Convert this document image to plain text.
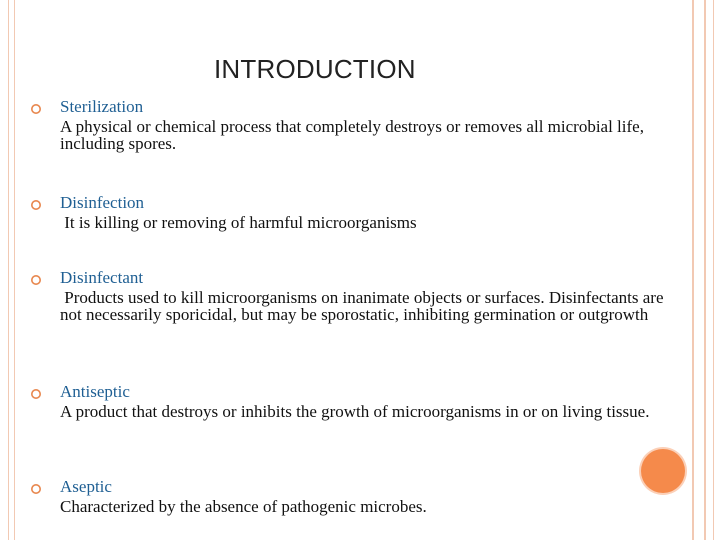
INTRODUCTION
Sterilization
A physical or chemical process that completely destroys or removes all microbial life, including spores.
Disinfection
It is killing or removing of harmful microorganisms
Disinfectant
Products used to kill microorganisms on inanimate objects or surfaces. Disinfectants are not necessarily sporicidal, but may be sporostatic, inhibiting germination or outgrowth
Antiseptic
A product that destroys or inhibits the growth of microorganisms in or on living tissue.
Aseptic
Characterized by the absence of pathogenic microbes.
